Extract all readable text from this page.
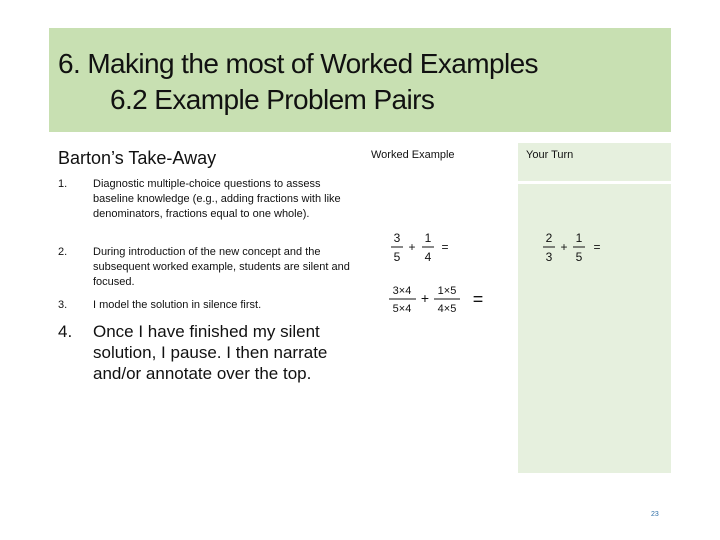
6. Making the most of Worked Examples
6.2 Example Problem Pairs
Barton’s Take-Away
1. Diagnostic multiple-choice questions to assess baseline knowledge (e.g., adding fractions with like denominators, fractions equal to one whole).
2. During introduction of the new concept and the subsequent worked example, students are silent and focused.
3. I model the solution in silence first.
4. Once I have finished my silent solution, I pause. I then narrate and/or annotate over the top.
Worked Example	Your Turn
3
5
+
1
4
=
3×4
5×4
+ 1×5
4×5 =
2
3
+
1
5
=
23
